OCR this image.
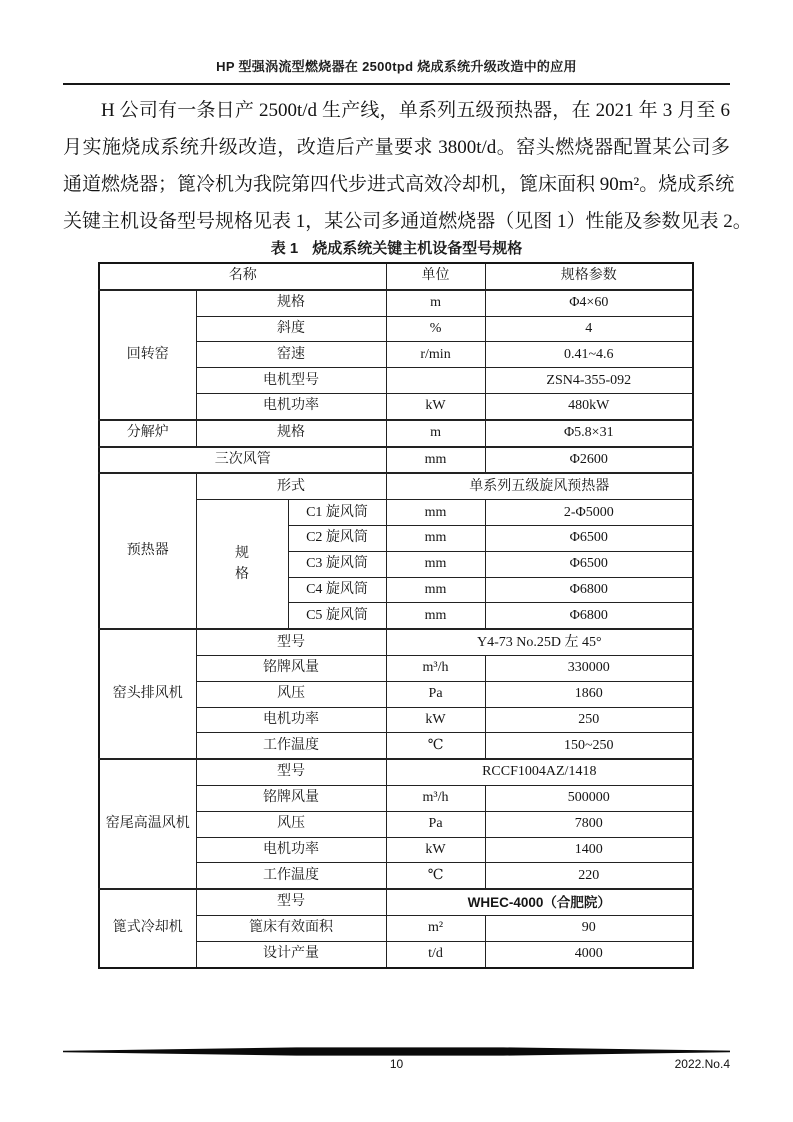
HP 型强涡流型燃烧器在 2500tpd 烧成系统升级改造中的应用
H 公司有一条日产 2500t/d 生产线，单系列五级预热器，在 2021 年 3 月至 6
月实施烧成系统升级改造，改造后产量要求 3800t/d。窑头燃烧器配置某公司多
通道燃烧器；篦冷机为我院第四代步进式高效冷却机，篦床面积 90m²。烧成系统
关键主机设备型号规格见表 1，某公司多通道燃烧器（见图 1）性能及参数见表 2。
表 1 烧成系统关键主机设备型号规格
名称			单位	规格参数
回转窑	规格		m	Φ4×60
	斜度		%	4
	窑速		r/min	0.41~4.6
	电机型号			ZSN4-355-092
	电机功率		kW	480kW
分解炉	规格		m	Φ5.8×31
三次风管			mm	Φ2600
预热器	形式		单系列五级旋风预热器	
	规格	C1 旋风筒	mm	2-Φ5000
		C2 旋风筒	mm	Φ6500
		C3 旋风筒	mm	Φ6500
		C4 旋风筒	mm	Φ6800
		C5 旋风筒	mm	Φ6800
窑头排风机	型号		Y4-73 No.25D 左 45°	
	铭牌风量		m³/h	330000
	风压		Pa	1860
	电机功率		kW	250
	工作温度		℃	150~250
窑尾高温风机	型号		RCCF1004AZ/1418	
	铭牌风量		m³/h	500000
	风压		Pa	7800
	电机功率		kW	1400
	工作温度		℃	220
篦式冷却机	型号		WHEC-4000（合肥院）	
	篦床有效面积		m²	90
	设计产量		t/d	4000
10	2022.No.4
